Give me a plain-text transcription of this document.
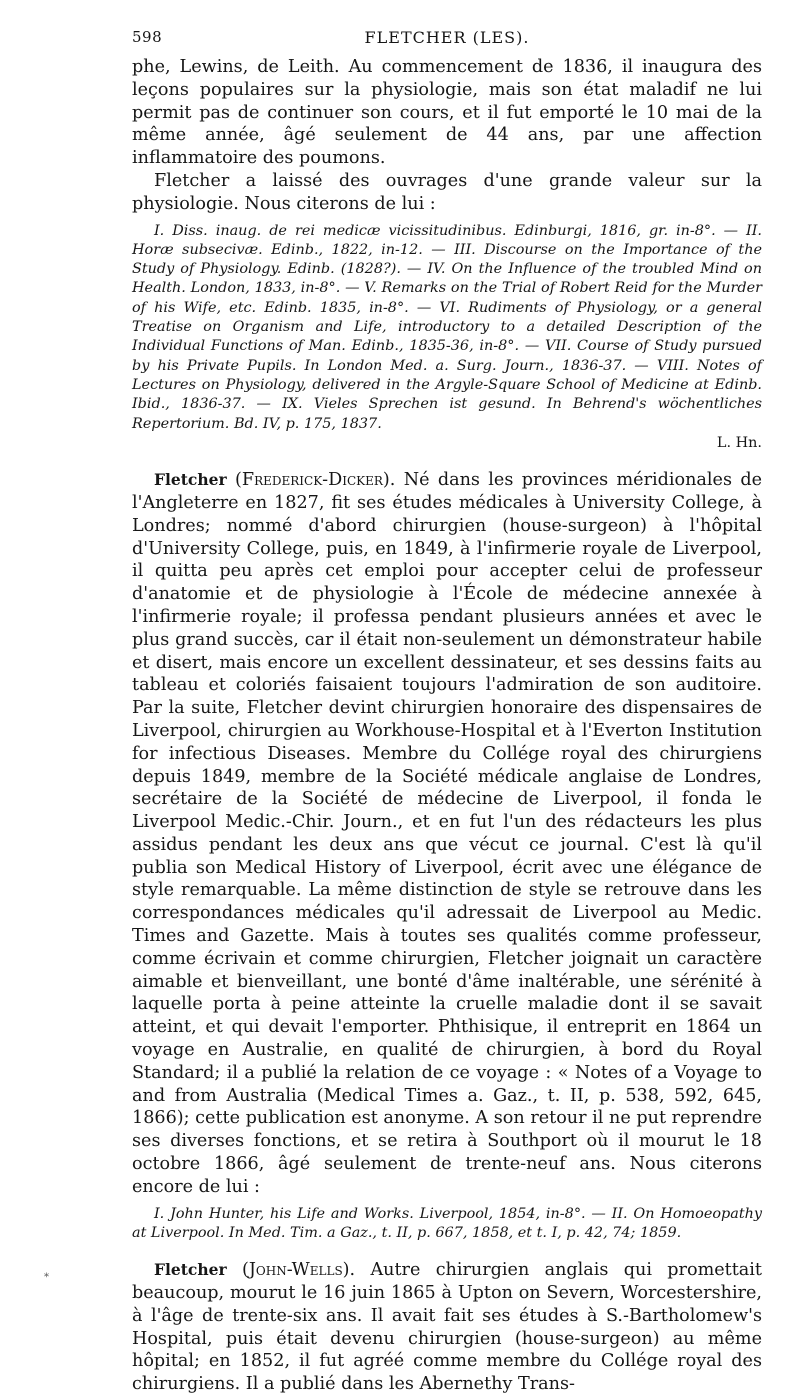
598	FLETCHER (LES).

phe, Lewins, de Leith. Au commencement de 1836, il inaugura des leçons populaires sur la physiologie, mais son état maladif ne lui permit pas de continuer son cours, et il fut emporté le 10 mai de la même année, âgé seulement de 44 ans, par une affection inflammatoire des poumons.

Fletcher a laissé des ouvrages d'une grande valeur sur la physiologie. Nous citerons de lui :

I. Diss. inaug. de rei medicæ vicissitudinibus. Edinburgi, 1816, gr. in-8°. — II. Horæ subsecivæ. Edinb., 1822, in-12. — III. Discourse on the Importance of the Study of Physiology. Edinb. (1828?). — IV. On the Influence of the troubled Mind on Health. London, 1833, in-8°. — V. Remarks on the Trial of Robert Reid for the Murder of his Wife, etc. Edinb. 1835, in-8°. — VI. Rudiments of Physiology, or a general Treatise on Organism and Life, introductory to a detailed Description of the Individual Functions of Man. Edinb., 1835-36, in-8°. — VII. Course of Study pursued by his Private Pupils. In London Med. a. Surg. Journ., 1836-37. — VIII. Notes of Lectures on Physiology, delivered in the Argyle-Square School of Medicine at Edinb. Ibid., 1836-37. — IX. Vieles Sprechen ist gesund. In Behrend's wöchentliches Repertorium. Bd. IV, p. 175, 1837.

L. Hn.

Fletcher (Frederick-Dicker). Né dans les provinces méridionales de l'Angleterre en 1827, fit ses études médicales à University College, à Londres; nommé d'abord chirurgien (house-surgeon) à l'hôpital d'University College, puis, en 1849, à l'infirmerie royale de Liverpool, il quitta peu après cet emploi pour accepter celui de professeur d'anatomie et de physiologie à l'École de médecine annexée à l'infirmerie royale; il professa pendant plusieurs années et avec le plus grand succès, car il était non-seulement un démonstrateur habile et disert, mais encore un excellent dessinateur, et ses dessins faits au tableau et coloriés faisaient toujours l'admiration de son auditoire. Par la suite, Fletcher devint chirurgien honoraire des dispensaires de Liverpool, chirurgien au Workhouse-Hospital et à l'Everton Institution for infectious Diseases. Membre du Collége royal des chirurgiens depuis 1849, membre de la Société médicale anglaise de Londres, secrétaire de la Société de médecine de Liverpool, il fonda le Liverpool Medic.-Chir. Journ., et en fut l'un des rédacteurs les plus assidus pendant les deux ans que vécut ce journal. C'est là qu'il publia son Medical History of Liverpool, écrit avec une élégance de style remarquable. La même distinction de style se retrouve dans les correspondances médicales qu'il adressait de Liverpool au Medic. Times and Gazette. Mais à toutes ses qualités comme professeur, comme écrivain et comme chirurgien, Fletcher joignait un caractère aimable et bienveillant, une bonté d'âme inaltérable, une sérénité à laquelle porta à peine atteinte la cruelle maladie dont il se savait atteint, et qui devait l'emporter. Phthisique, il entreprit en 1864 un voyage en Australie, en qualité de chirurgien, à bord du Royal Standard; il a publié la relation de ce voyage : « Notes of a Voyage to and from Australia (Medical Times a. Gaz., t. II, p. 538, 592, 645, 1866); cette publication est anonyme. A son retour il ne put reprendre ses diverses fonctions, et se retira à Southport où il mourut le 18 octobre 1866, âgé seulement de trente-neuf ans. Nous citerons encore de lui :

I. John Hunter, his Life and Works. Liverpool, 1854, in-8°. — II. On Homoeopathy at Liverpool. In Med. Tim. a Gaz., t. II, p. 667, 1858, et t. I, p. 42, 74; 1859.

Fletcher (John-Wells). Autre chirurgien anglais qui promettait beaucoup, mourut le 16 juin 1865 à Upton on Severn, Worcestershire, à l'âge de trente-six ans. Il avait fait ses études à S.-Bartholomew's Hospital, puis était devenu chirurgien (house-surgeon) au même hôpital; en 1852, il fut agréé comme membre du Collége royal des chirurgiens. Il a publié dans les Abernethy Trans-

*
